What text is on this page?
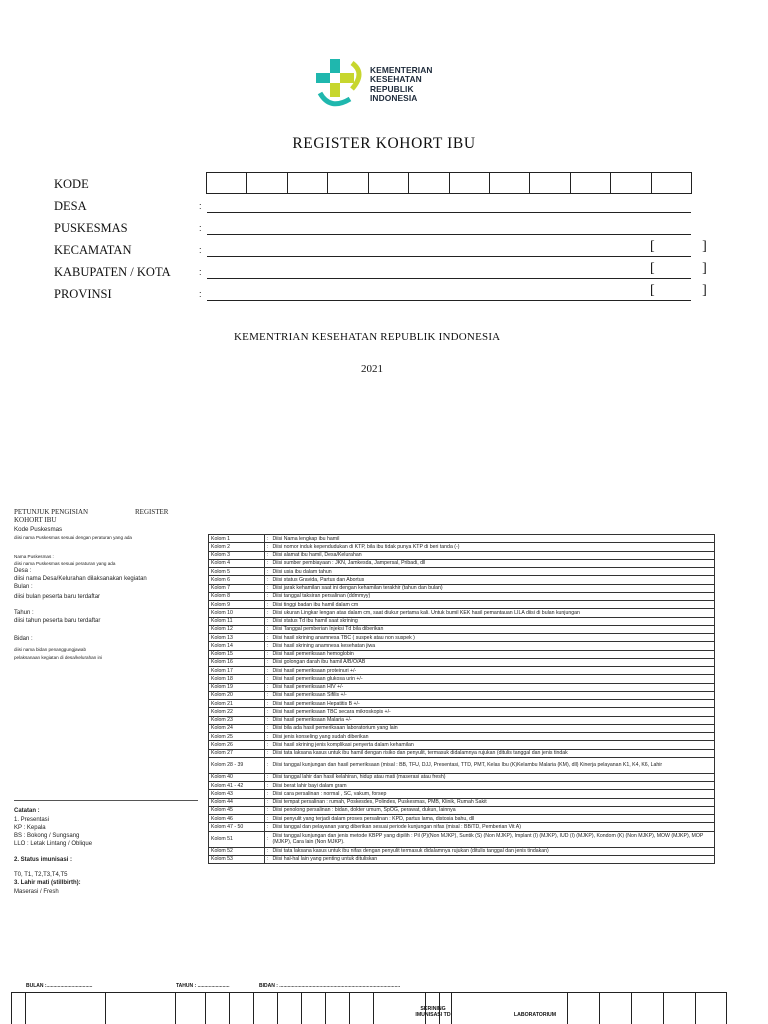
KEMENTERIAN
KESEHATAN
REPUBLIK
INDONESIA
REGISTER KOHORT IBU
KODE
DESA	:
PUSKESMAS	:
KECAMATAN	:	[ ]
KABUPATEN / KOTA	:	[ ]
PROVINSI	:	[ ]
KEMENTRIAN KESEHATAN REPUBLIK INDONESIA
2021
PETUNJUK PENGISIAN	REGISTER
KOHORT IBU
Kode Puskesmas
diisi nama Puskesmas sesuai dengan peraturan yang ada
Nama Puskesmas :
diisi nama Puskesmas sesuai peraturan yang ada
Desa :
diisi nama Desa/Kelurahan dilaksanakan kegiatan
Bulan :
diisi bulan peserta baru terdaftar
Tahun :
diisi tahun peserta baru terdaftar
Bidan :
diisi nama bidan penanggungjawab
pelaksanaan kegiatan di desa/kelurahan ini
Catatan :
1. Presentasi
KP : Kepala
BS : Bokong / Sungsang
LLO : Letak Lintang / Oblique
2. Status imunisasi :
T0, T1, T2,T3,T4,T5
3. Lahir mati (stillbirth):
Maserasi / Fresh
Kolom 1	:	Diisi Nama lengkap ibu hamil
Kolom 2	:	Diisi nomor induk kependudukan di KTP, bila ibu tidak punya KTP di beri tanda (-)
Kolom 3	:	Diisi alamat ibu hamil, Desa/Kelurahan
Kolom 4	:	Diisi sumber pembiayaan : JKN, Jamkesda, Jampersal, Pribadi, dll
Kolom 5	:	Diisi usia ibu dalam tahun
Kolom 6	:	Diisi status Gravida, Partus dan Abortus
Kolom 7	:	Diisi jarak kehamilan saat ini dengan kehamilan terakhir (tahun dan bulan)
Kolom 8	:	Diisi tanggal taksiran persalinan (ddmmyy)
Kolom 9	:	Diisi tinggi badan ibu hamil dalam cm
Kolom 10	:	Diisi ukuran Lingkar lengan atas dalam cm, saat diukur pertama kali. Untuk bumil KEK hasil pemantauan LILA diisi di bulan kunjungan
Kolom 11	:	Diisi status Td ibu hamil saat skrining
Kolom 12	:	Diisi Tanggal pemberian Injeksi Td bila diberikan
Kolom 13	:	Diisi hasil skrining anamnesa TBC ( suspek atau non suspek )
Kolom 14	:	Diisi hasil skrining anamnesa kesehatan jiwa
Kolom 15	:	Diisi hasil pemeriksaan hemoglobin
Kolom 16	:	Diisi golongan darah ibu hamil A/B/O/AB
Kolom 17	:	Diisi hasil pemeriksaan proteinuri +/-
Kolom 18	:	Diisi hasil pemeriksaan glukosa urin +/-
Kolom 19	:	Diisi hasil pemeriksaan HIV +/-
Kolom 20	:	Diisi hasil pemeriksaan Sifilis +/-
Kolom 21	:	Diisi hasil pemeriksaan Hepatitis B +/-
Kolom 22	:	Diisi hasil pemeriksaan TBC secara mikroskopis +/-
Kolom 23	:	Diisi hasil pemeriksaan Malaria +/-
Kolom 24	:	Diisi bila ada hasil pemeriksaan laboratorium yang lain
Kolom 25	:	Diisi jenis konseling yang sudah diberikan
Kolom 26	:	Diisi hasil skrining jenis komplikasi penyerta dalam kehamilan
Kolom 27	:	Diisi tata laksana kasus untuk ibu hamil dengan risiko dan penyulit, termasuk didalamnya rujukan (ditulis tanggal dan jenis tindak
Kolom 28 - 39	:	Diisi tanggal kunjungan dan hasil pemeriksaan (misal : BB, TFU, DJJ, Presentasi, TTD, PMT, Kelas Ibu (K)Kelambu Malaria (KM), dll) Kinerja pelayanan K1, K4, K6, Lahir
Kolom 40	:	Diisi tanggal lahir dan hasil kelahiran, hidup atau mati (maserasi atau fresh)
Kolom 41 - 42	:	Diisi berat lahir bayi dalam gram
Kolom 43	:	Diisi cara persalinan : normal , SC, vakum, forsep
Kolom 44	:	Diisi tempat persalinan : rumah, Poskesdes, Polindes, Puskesmas, PMB, Klinik, Rumah Sakit
Kolom 45	:	Diisi penolong persalinan : bidan, dokter umum, SpOG, perawat, dukun, lainnya
Kolom 46	:	Diisi penyulit yang terjadi dalam proses persalinan : KPD, partus lama, distosia bahu, dll
Kolom 47 - 50	:	Diisi tanggal dan pelayanan yang diberikan sesuai periode kunjungan nifas (misal : BB/TD, Pemberian Vit A)
Kolom 51	:	Diisi tanggal kunjungan dan jenis metode KBPP yang dipilih : Pil (P)(Non MJKP), Suntik (S) (Non MJKP), Implant (I) (MJKP), IUD (I) (MJKP), Kondom (K) (Non MJKP), MOW (MJKP), MOP (MJKP), Cara lain (Non MJKP).
Kolom 52	:	Diisi tata laksana kasus untuk ibu nifas dengan penyulit termasuk didalamnya rujukan (ditulis tanggal dan jenis tindakan)
Kolom 53	:	Diisi hal-hal lain yang penting untuk dituliskan
BULAN :.................................	TAHUN : .......................	BIDAN : .......................................................................................
SKRINING IMUNISASI TD	LABORATORIUM
